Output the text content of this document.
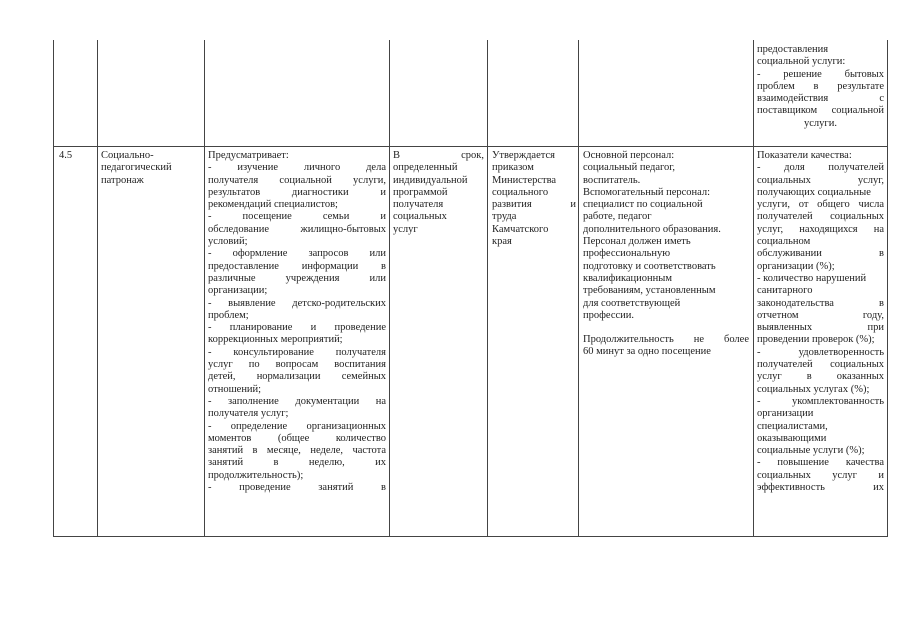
предоставления
социальной услуги:
- решение бытовых
проблем в результате
взаимодействия с
поставщиком социальной
услуги.
4.5	Социально-
педагогический
патронаж
Предусматривает:
- изучение личного дела
получателя социальной услуги,
результатов диагностики и
рекомендаций специалистов;
- посещение семьи и
обследование жилищно-бытовых
условий;
- оформление запросов или
предоставление информации в
различные учреждения или
организации;
- выявление детско-родительских
проблем;
- планирование и проведение
коррекционных мероприятий;
- консультирование получателя
услуг по вопросам воспитания
детей, нормализации семейных
отношений;
- заполнение документации на
получателя услуг;
- определение организационных
моментов (общее количество
занятий в месяце, неделе, частота
занятий в неделю, их
продолжительность);
- проведение занятий в
В срок,
определенный
индивидуальной
программой
получателя
социальных
услуг
Утверждается
приказом
Министерства
социального
развития и
труда
Камчатского
края
Основной персонал:
социальный педагог,
воспитатель.
Вспомогательный персонал:
специалист по социальной
работе, педагог
дополнительного образования.
Персонал должен иметь
профессиональную
подготовку и соответствовать
квалификационным
требованиям, установленным
для соответствующей
профессии.
Продолжительность не более
60 минут за одно посещение
Показатели качества:
- доля получателей
социальных услуг,
получающих социальные
услуги, от общего числа
получателей социальных
услуг, находящихся на
социальном
обслуживании в
организации (%);
- количество нарушений
санитарного
законодательства в
отчетном году,
выявленных при
проведении проверок (%);
- удовлетворенность
получателей социальных
услуг в оказанных
социальных услугах (%);
- укомплектованность
организации
специалистами,
оказывающими
социальные услуги (%);
- повышение качества
социальных услуг и
эффективность их
